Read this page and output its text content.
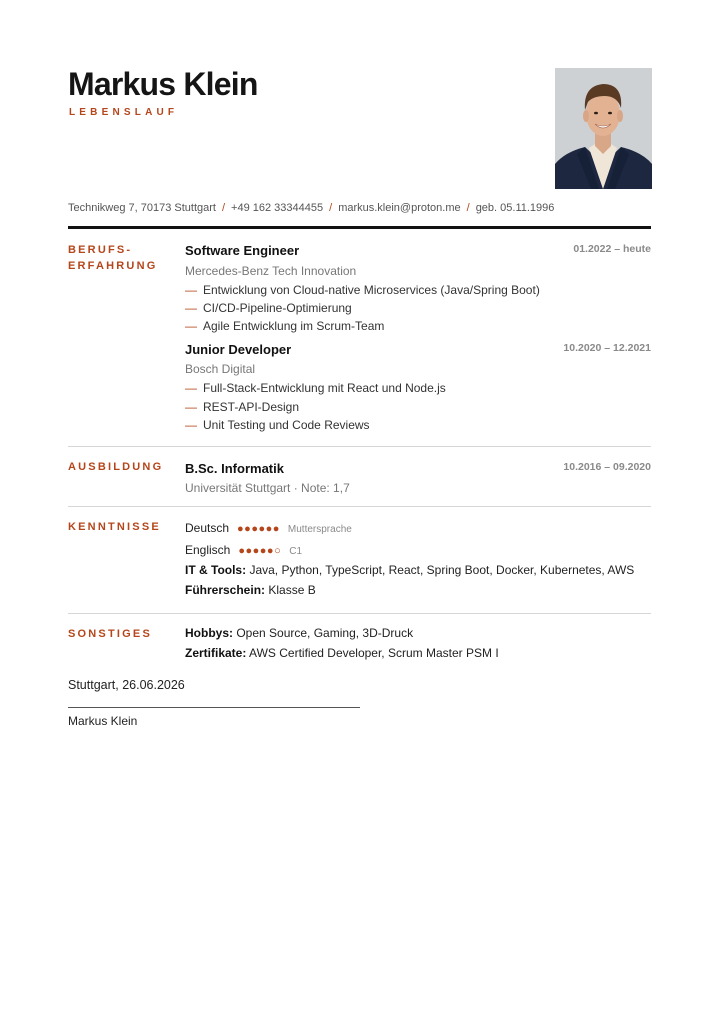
Markus Klein
LEBENSLAUF
Technikweg 7, 70173 Stuttgart / +49 162 33344455 / markus.klein@proton.me / geb. 05.11.1996
BERUFS-
ERFAHRUNG
Software Engineer	01.2022 – heute
Mercedes-Benz Tech Innovation
— Entwicklung von Cloud-native Microservices (Java/Spring Boot)
— CI/CD-Pipeline-Optimierung
— Agile Entwicklung im Scrum-Team
Junior Developer	10.2020 – 12.2021
Bosch Digital
— Full-Stack-Entwicklung mit React und Node.js
— REST-API-Design
— Unit Testing und Code Reviews
AUSBILDUNG B.Sc. Informatik	10.2016 – 09.2020
Universität Stuttgart · Note: 1,7
KENNTNISSE Deutsch ●●●●●● Muttersprache
Englisch ●●●●●○ C1
IT & Tools: Java, Python, TypeScript, React, Spring Boot, Docker, Kubernetes, AWS
Führerschein: Klasse B
SONSTIGES	Hobbys: Open Source, Gaming, 3D-Druck
Zertifikate: AWS Certified Developer, Scrum Master PSM I
Stuttgart, 26.06.2026
Markus Klein
